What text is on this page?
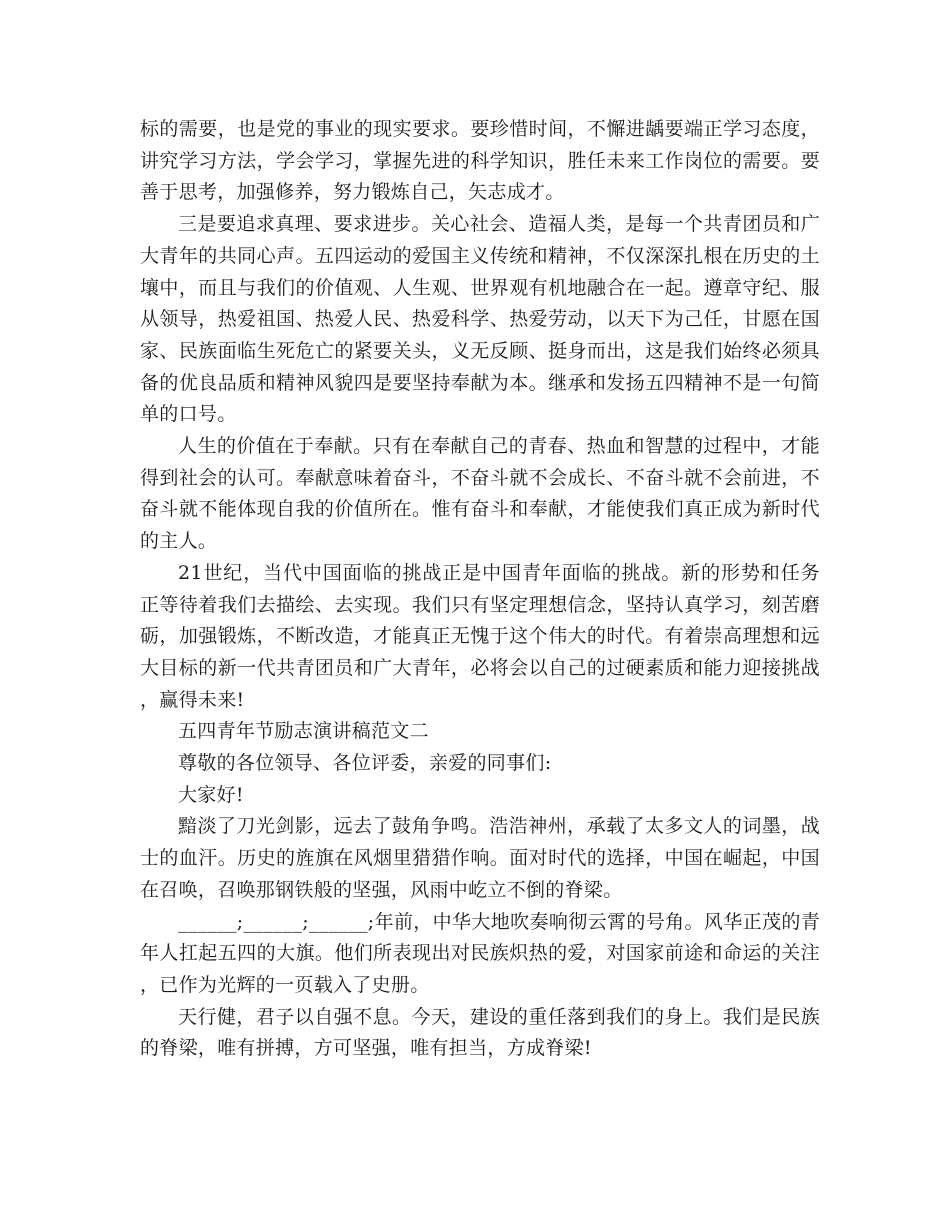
标的需要，也是党的事业的现实要求。要珍惜时间，不懈进龋要端正学习态度，讲究学习方法，学会学习，掌握先进的科学知识，胜任未来工作岗位的需要。要善于思考，加强修养，努力锻炼自己，矢志成才。

三是要追求真理、要求进步。关心社会、造福人类，是每一个共青团员和广大青年的共同心声。五四运动的爱国主义传统和精神，不仅深深扎根在历史的土壤中，而且与我们的价值观、人生观、世界观有机地融合在一起。遵章守纪、服从领导，热爱祖国、热爱人民、热爱科学、热爱劳动，以天下为己任，甘愿在国家、民族面临生死危亡的紧要关头，义无反顾、挺身而出，这是我们始终必须具备的优良品质和精神风貌四是要坚持奉献为本。继承和发扬五四精神不是一句简单的口号。

人生的价值在于奉献。只有在奉献自己的青春、热血和智慧的过程中，才能得到社会的认可。奉献意味着奋斗，不奋斗就不会成长、不奋斗就不会前进，不奋斗就不能体现自我的价值所在。惟有奋斗和奉献，才能使我们真正成为新时代的主人。

21世纪，当代中国面临的挑战正是中国青年面临的挑战。新的形势和任务正等待着我们去描绘、去实现。我们只有坚定理想信念，坚持认真学习，刻苦磨砺，加强锻炼，不断改造，才能真正无愧于这个伟大的时代。有着崇高理想和远大目标的新一代共青团员和广大青年，必将会以自己的过硬素质和能力迎接挑战，赢得未来!

五四青年节励志演讲稿范文二

尊敬的各位领导、各位评委，亲爱的同事们:

大家好!

黯淡了刀光剑影，远去了鼓角争鸣。浩浩神州，承载了太多文人的词墨，战士的血汗。历史的旌旗在风烟里猎猎作响。面对时代的选择，中国在崛起，中国在召唤，召唤那钢铁般的坚强，风雨中屹立不倒的脊梁。

______;______;______;年前，中华大地吹奏响彻云霄的号角。风华正茂的青年人扛起五四的大旗。他们所表现出对民族炽热的爱，对国家前途和命运的关注，已作为光辉的一页载入了史册。

天行健，君子以自强不息。今天，建设的重任落到我们的身上。我们是民族的脊梁，唯有拼搏，方可坚强，唯有担当，方成脊梁!
